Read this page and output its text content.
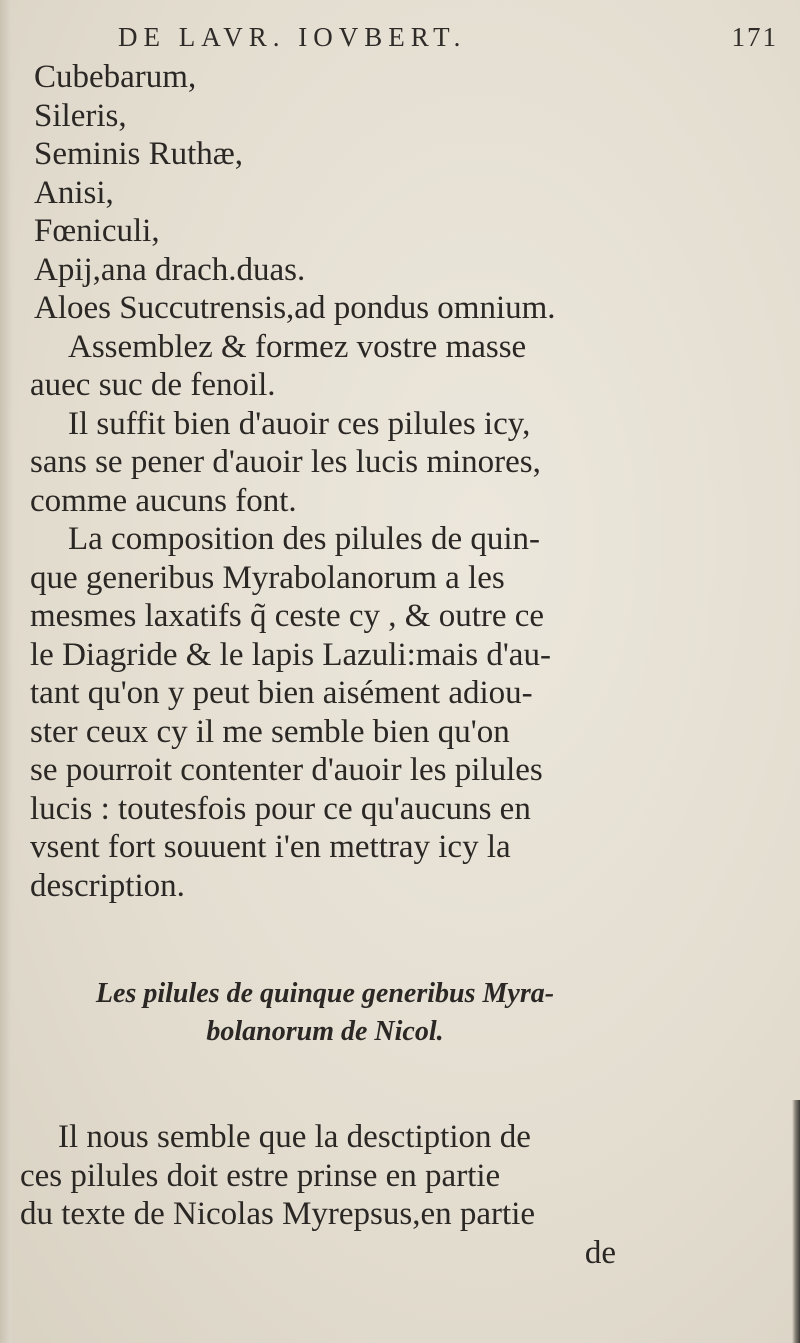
DE LAVR. IOVBERT.	171
Cubebarum,
Sileris,
Seminis Ruthæ,
Anisi,
Fœniculi,
Apij,ana drach.duas.
Aloes Succutrensis,ad pondus omnium.
Assemblez & formez vostre masse
auec suc de fenoil.
Il suffit bien d'auoir ces pilules icy,
sans se pener d'auoir les lucis minores,
comme aucuns font.
La composition des pilules de quin-
que generibus Myrabolanorum a les
mesmes laxatifs q̃ ceste cy , & outre ce
le Diagride & le lapis Lazuli:mais d'au-
tant qu'on y peut bien aisément adiou-
ster ceux cy il me semble bien qu'on
se pourroit contenter d'auoir les pilules
lucis : toutesfois pour ce qu'aucuns en
vsent fort souuent i'en mettray icy la
description.
Les pilules de quinque generibus Myra-
bolanorum de Nicol.
Il nous semble que la desctiption de
ces pilules doit estre prinse en partie
du texte de Nicolas Myrepsus,en partie
de
